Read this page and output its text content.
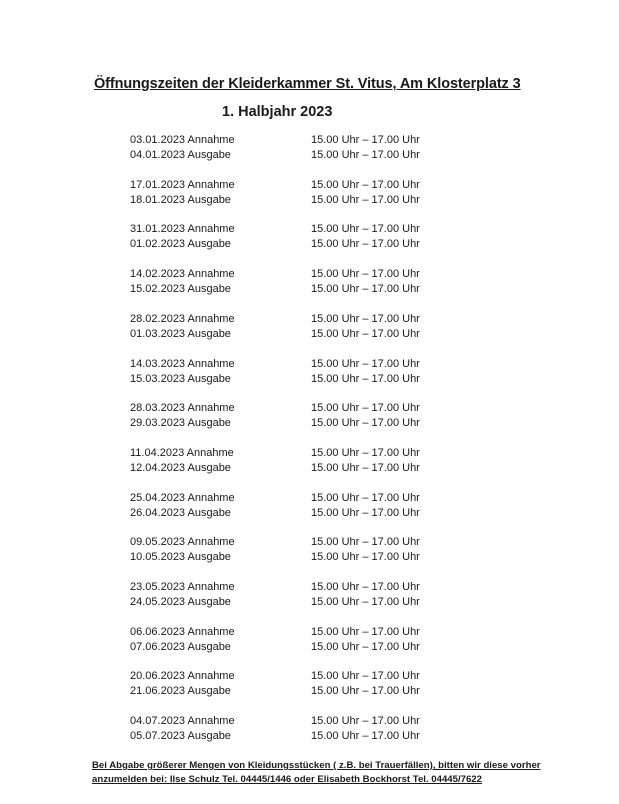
Öffnungszeiten der Kleiderkammer St. Vitus, Am Klosterplatz 3
1. Halbjahr 2023
03.01.2023 Annahme	15.00 Uhr – 17.00 Uhr
04.01.2023 Ausgabe	15.00 Uhr – 17.00 Uhr
17.01.2023 Annahme	15.00 Uhr – 17.00 Uhr
18.01.2023 Ausgabe	15.00 Uhr – 17.00 Uhr
31.01.2023 Annahme	15.00 Uhr – 17.00 Uhr
01.02.2023 Ausgabe	15.00 Uhr – 17.00 Uhr
14.02.2023 Annahme	15.00 Uhr – 17.00 Uhr
15.02.2023 Ausgabe	15.00 Uhr – 17.00 Uhr
28.02.2023 Annahme	15.00 Uhr – 17.00 Uhr
01.03.2023 Ausgabe	15.00 Uhr – 17.00 Uhr
14.03.2023 Annahme	15.00 Uhr – 17.00 Uhr
15.03.2023 Ausgabe	15.00 Uhr – 17.00 Uhr
28.03.2023 Annahme	15.00 Uhr – 17.00 Uhr
29.03.2023 Ausgabe	15.00 Uhr – 17.00 Uhr
11.04.2023 Annahme	15.00 Uhr – 17.00 Uhr
12.04.2023 Ausgabe	15.00 Uhr – 17.00 Uhr
25.04.2023 Annahme	15.00 Uhr – 17.00 Uhr
26.04.2023 Ausgabe	15.00 Uhr – 17.00 Uhr
09.05.2023 Annahme	15.00 Uhr – 17.00 Uhr
10.05.2023 Ausgabe	15.00 Uhr – 17.00 Uhr
23.05.2023 Annahme	15.00 Uhr – 17.00 Uhr
24.05.2023 Ausgabe	15.00 Uhr – 17.00 Uhr
06.06.2023 Annahme	15.00 Uhr – 17.00 Uhr
07.06.2023 Ausgabe	15.00 Uhr – 17.00 Uhr
20.06.2023 Annahme	15.00 Uhr – 17.00 Uhr
21.06.2023 Ausgabe	15.00 Uhr – 17.00 Uhr
04.07.2023 Annahme	15.00 Uhr – 17.00 Uhr
05.07.2023 Ausgabe	15.00 Uhr – 17.00 Uhr
Bei Abgabe größerer Mengen von Kleidungsstücken ( z.B. bei Trauerfällen), bitten wir diese vorher
anzumelden bei: Ilse Schulz Tel. 04445/1446 oder Elisabeth Bockhorst Tel. 04445/7622
